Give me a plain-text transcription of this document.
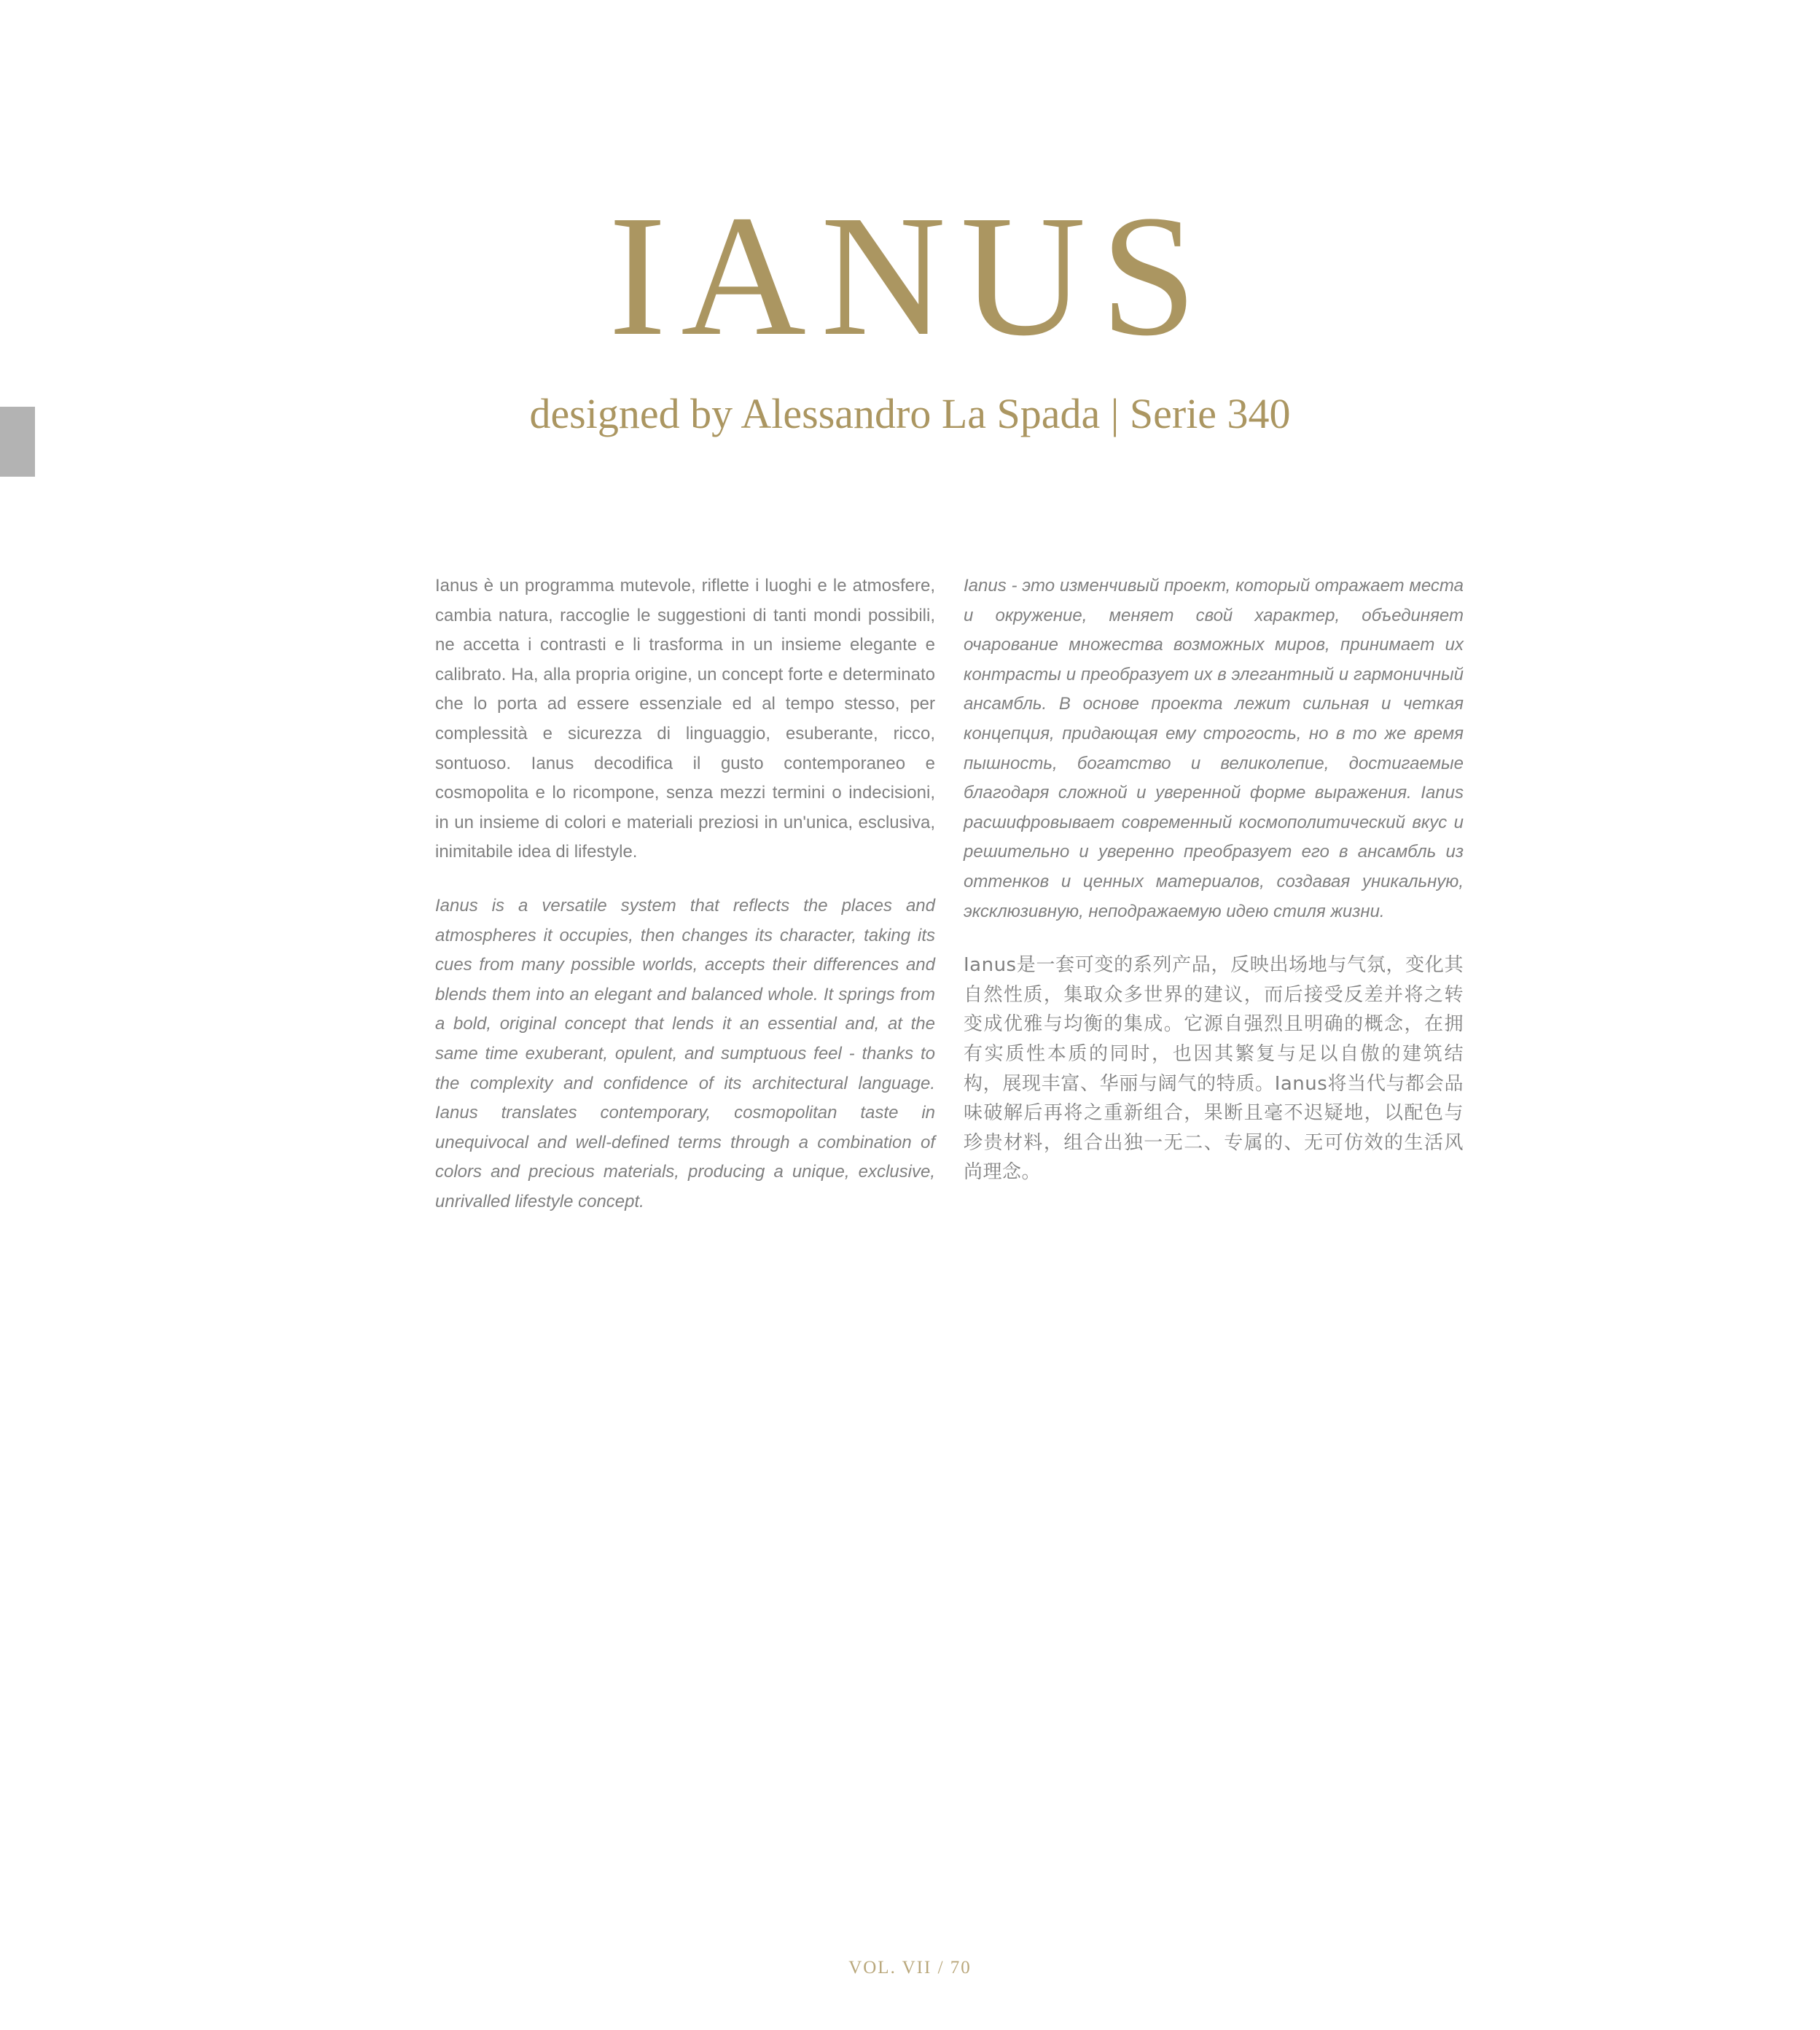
IANUS
designed by Alessandro La Spada | Serie 340

Ianus è un programma mutevole, riflette i luoghi e le atmosfere, cambia natura, raccoglie le suggestioni di tanti mondi possibili, ne accetta i contrasti e li trasforma in un insieme elegante e calibrato. Ha, alla propria origine, un concept forte e determinato che lo porta ad essere essenziale ed al tempo stesso, per complessità e sicurezza di linguaggio, esuberante, ricco, sontuoso. Ianus decodifica il gusto contemporaneo e cosmopolita e lo ricompone, senza mezzi termini o indecisioni, in un insieme di colori e materiali preziosi in un'unica, esclusiva, inimitabile idea di lifestyle.

Ianus is a versatile system that reflects the places and atmospheres it occupies, then changes its character, taking its cues from many possible worlds, accepts their differences and blends them into an elegant and balanced whole. It springs from a bold, original concept that lends it an essential and, at the same time exuberant, opulent, and sumptuous feel - thanks to the complexity and confidence of its architectural language. Ianus translates contemporary, cosmopolitan taste in unequivocal and well-defined terms through a combination of colors and precious materials, producing a unique, exclusive, unrivalled lifestyle concept.

Ianus - это изменчивый проект, который отражает места и окружение, меняет свой характер, объединяет очарование множества возможных миров, принимает их контрасты и преобразует их в элегантный и гармоничный ансамбль. В основе проекта лежит сильная и четкая концепция, придающая ему строгость, но в то же время пышность, богатство и великолепие, достигаемые благодаря сложной и уверенной форме выражения. Ianus расшифровывает современный космополитический вкус и решительно и уверенно преобразует его в ансамбль из оттенков и ценных материалов, создавая уникальную, эксклюзивную, неподражаемую идею стиля жизни.

Ianus是一套可变的系列产品，反映出场地与气氛，变化其自然性质，集取众多世界的建议，而后接受反差并将之转变成优雅与均衡的集成。它源自强烈且明确的概念，在拥有实质性本质的同时，也因其繁复与足以自傲的建筑结构，展现丰富、华丽与阔气的特质。Ianus将当代与都会品味破解后再将之重新组合，果断且毫不迟疑地，以配色与珍贵材料，组合出独一无二、专属的、无可仿效的生活风尚理念。

VOL. VII / 70
